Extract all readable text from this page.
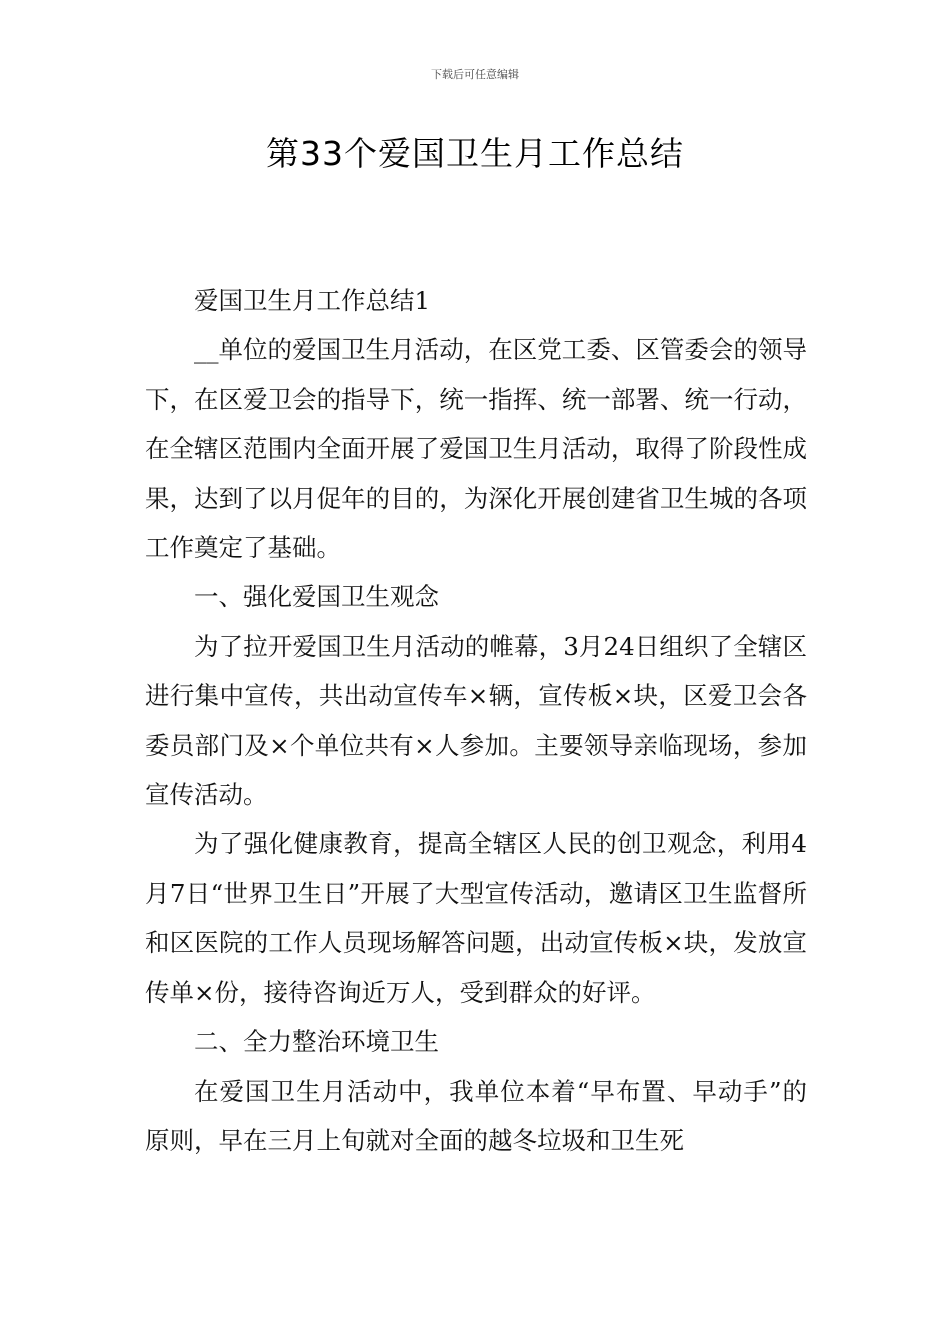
下载后可任意编辑
第33个爱国卫生月工作总结

爱国卫生月工作总结1

__单位的爱国卫生月活动，在区党工委、区管委会的领导下，在区爱卫会的指导下，统一指挥、统一部署、统一行动，在全辖区范围内全面开展了爱国卫生月活动，取得了阶段性成果，达到了以月促年的目的，为深化开展创建省卫生城的各项工作奠定了基础。

一、强化爱国卫生观念

为了拉开爱国卫生月活动的帷幕，3月24日组织了全辖区进行集中宣传，共出动宣传车×辆，宣传板×块，区爱卫会各委员部门及×个单位共有×人参加。主要领导亲临现场，参加宣传活动。

为了强化健康教育，提高全辖区人民的创卫观念，利用4月7日“世界卫生日”开展了大型宣传活动，邀请区卫生监督所和区医院的工作人员现场解答问题，出动宣传板×块，发放宣传单×份，接待咨询近万人，受到群众的好评。

二、全力整治环境卫生

在爱国卫生月活动中，我单位本着“早布置、早动手”的原则，早在三月上旬就对全面的越冬垃圾和卫生死
